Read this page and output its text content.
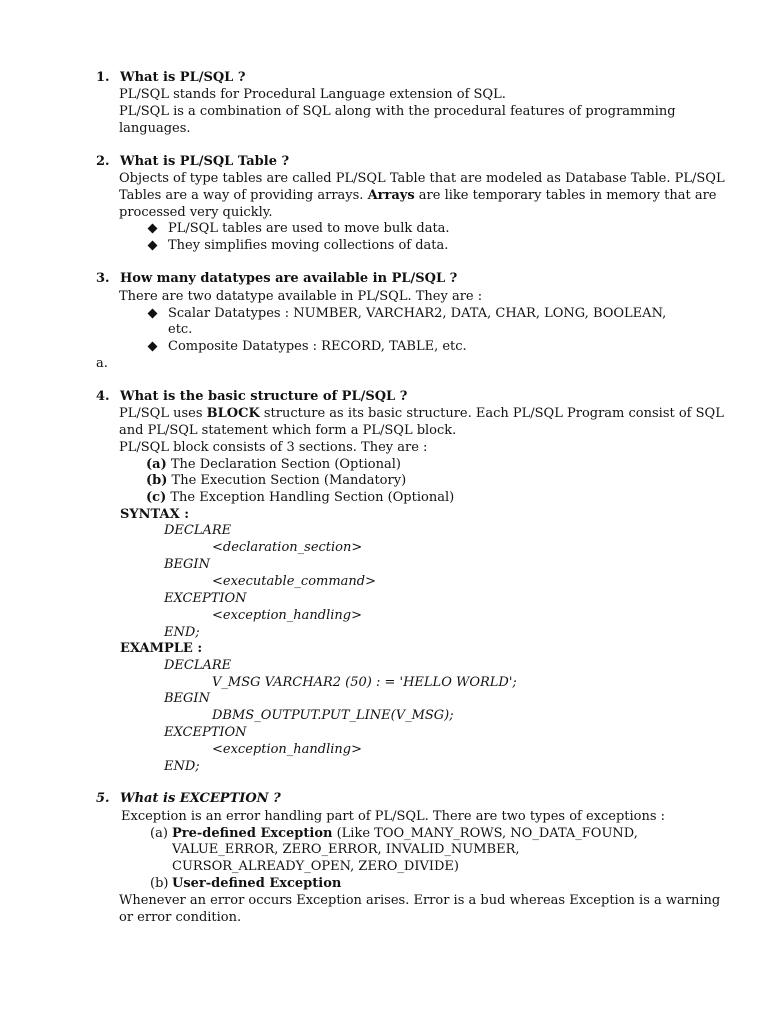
1. What is PL/SQL ?
PL/SQL stands for Procedural Language extension of SQL.
PL/SQL is a combination of SQL along with the procedural features of programming
languages.
2. What is PL/SQL Table ?
Objects of type tables are called PL/SQL Table that are modeled as Database Table. PL/SQL
Tables are a way of providing arrays. Arrays are like temporary tables in memory that are
processed very quickly.
PL/SQL tables are used to move bulk data.
They simplifies moving collections of data.
3. How many datatypes are available in PL/SQL ?
There are two datatype available in PL/SQL. They are :
Scalar Datatypes : NUMBER, VARCHAR2, DATA, CHAR, LONG, BOOLEAN,
etc.
Composite Datatypes : RECORD, TABLE, etc.
a.
4. What is the basic structure of PL/SQL ?
PL/SQL uses BLOCK structure as its basic structure. Each PL/SQL Program consist of SQL
and PL/SQL statement which form a PL/SQL block.
PL/SQL block consists of 3 sections. They are :
(a) The Declaration Section (Optional)
(b) The Execution Section (Mandatory)
(c) The Exception Handling Section (Optional)
SYNTAX :
DECLARE
<declaration_section>
BEGIN
<executable_command>
EXCEPTION
<exception_handling>
END;
EXAMPLE :
DECLARE
V_MSG VARCHAR2 (50) : = 'HELLO WORLD';
BEGIN
DBMS_OUTPUT.PUT_LINE(V_MSG);
EXCEPTION
<exception_handling>
END;
5. What is EXCEPTION ?
Exception is an error handling part of PL/SQL. There are two types of exceptions :
(a) Pre-defined Exception (Like TOO_MANY_ROWS, NO_DATA_FOUND,
VALUE_ERROR, ZERO_ERROR, INVALID_NUMBER,
CURSOR_ALREADY_OPEN, ZERO_DIVIDE)
(b) User-defined Exception
Whenever an error occurs Exception arises. Error is a bud whereas Exception is a warning
or error condition.
